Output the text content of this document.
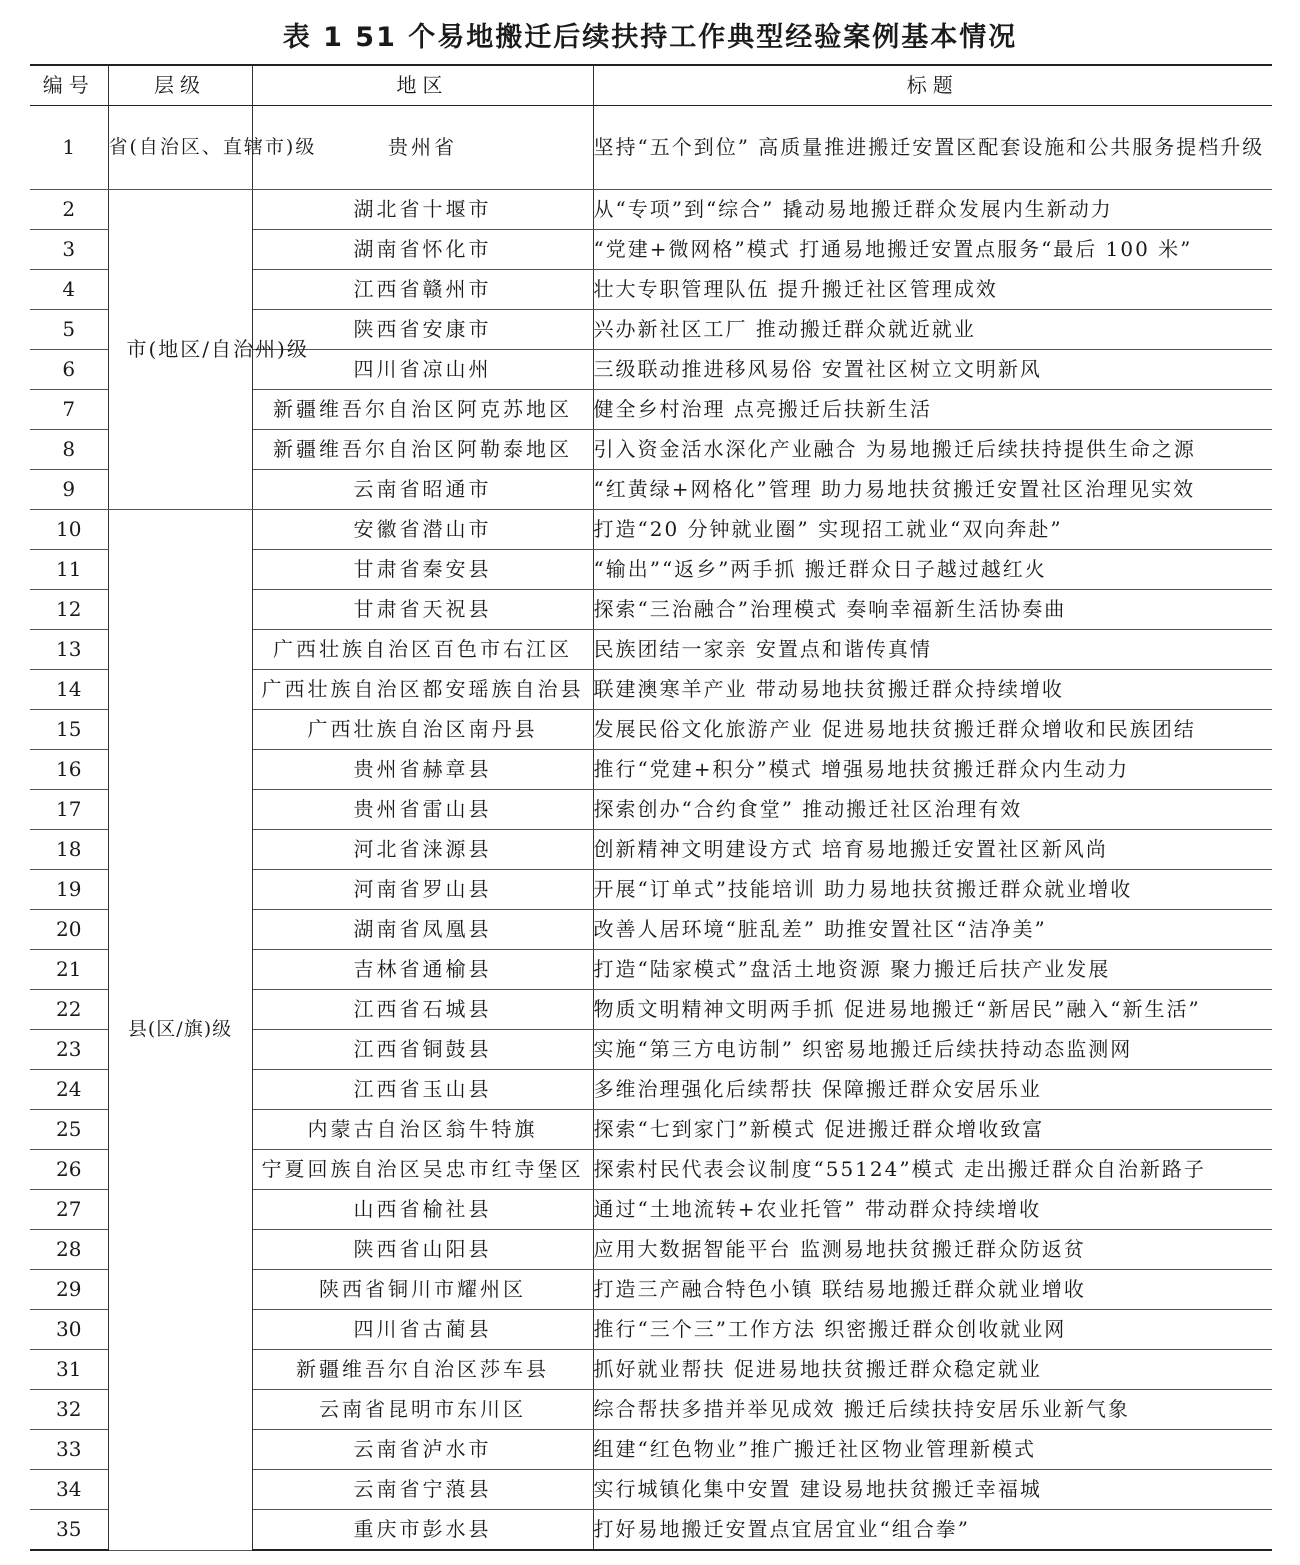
表 1 51 个易地搬迁后续扶持工作典型经验案例基本情况
编号	层级	地区	标题
1	省(自治区、直辖市)级	贵州省	坚持“五个到位” 高质量推进搬迁安置区配套设施和公共服务提档升级
2	市(地区/自治州)级	湖北省十堰市	从“专项”到“综合” 撬动易地搬迁群众发展内生新动力
3		湖南省怀化市	“党建+微网格”模式 打通易地搬迁安置点服务“最后 100 米”
4		江西省赣州市	壮大专职管理队伍 提升搬迁社区管理成效
5		陕西省安康市	兴办新社区工厂 推动搬迁群众就近就业
6		四川省凉山州	三级联动推进移风易俗 安置社区树立文明新风
7		新疆维吾尔自治区阿克苏地区	健全乡村治理 点亮搬迁后扶新生活
8		新疆维吾尔自治区阿勒泰地区	引入资金活水深化产业融合 为易地搬迁后续扶持提供生命之源
9		云南省昭通市	“红黄绿+网格化”管理 助力易地扶贫搬迁安置社区治理见实效
10	县(区/旗)级	安徽省潜山市	打造“20 分钟就业圈” 实现招工就业“双向奔赴”
11		甘肃省秦安县	“输出”“返乡”两手抓 搬迁群众日子越过越红火
12		甘肃省天祝县	探索“三治融合”治理模式 奏响幸福新生活协奏曲
13		广西壮族自治区百色市右江区	民族团结一家亲 安置点和谐传真情
14		广西壮族自治区都安瑶族自治县	联建澳寒羊产业 带动易地扶贫搬迁群众持续增收
15		广西壮族自治区南丹县	发展民俗文化旅游产业 促进易地扶贫搬迁群众增收和民族团结
16		贵州省赫章县	推行“党建+积分”模式 增强易地扶贫搬迁群众内生动力
17		贵州省雷山县	探索创办“合约食堂” 推动搬迁社区治理有效
18		河北省涞源县	创新精神文明建设方式 培育易地搬迁安置社区新风尚
19		河南省罗山县	开展“订单式”技能培训 助力易地扶贫搬迁群众就业增收
20		湖南省凤凰县	改善人居环境“脏乱差” 助推安置社区“洁净美”
21		吉林省通榆县	打造“陆家模式”盘活土地资源 聚力搬迁后扶产业发展
22		江西省石城县	物质文明精神文明两手抓 促进易地搬迁“新居民”融入“新生活”
23		江西省铜鼓县	实施“第三方电访制” 织密易地搬迁后续扶持动态监测网
24		江西省玉山县	多维治理强化后续帮扶 保障搬迁群众安居乐业
25		内蒙古自治区翁牛特旗	探索“七到家门”新模式 促进搬迁群众增收致富
26		宁夏回族自治区吴忠市红寺堡区	探索村民代表会议制度“55124”模式 走出搬迁群众自治新路子
27		山西省榆社县	通过“土地流转+农业托管” 带动群众持续增收
28		陕西省山阳县	应用大数据智能平台 监测易地扶贫搬迁群众防返贫
29		陕西省铜川市耀州区	打造三产融合特色小镇 联结易地搬迁群众就业增收
30		四川省古蔺县	推行“三个三”工作方法 织密搬迁群众创收就业网
31		新疆维吾尔自治区莎车县	抓好就业帮扶 促进易地扶贫搬迁群众稳定就业
32		云南省昆明市东川区	综合帮扶多措并举见成效 搬迁后续扶持安居乐业新气象
33		云南省泸水市	组建“红色物业”推广搬迁社区物业管理新模式
34		云南省宁蒗县	实行城镇化集中安置 建设易地扶贫搬迁幸福城
35		重庆市彭水县	打好易地搬迁安置点宜居宜业“组合拳”
